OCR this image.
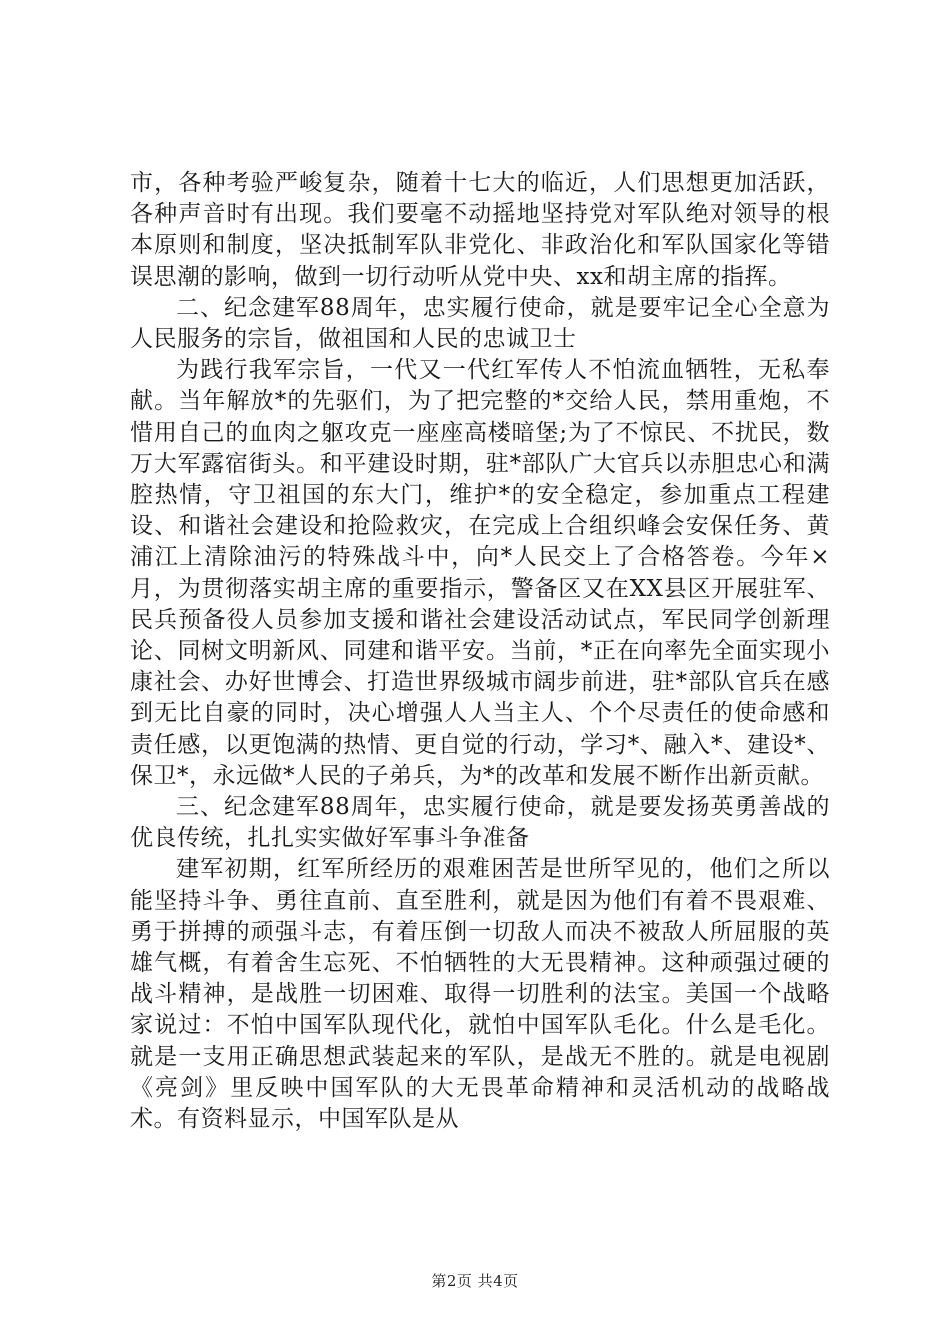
市，各种考验严峻复杂，随着十七大的临近，人们思想更加活跃，各种声音时有出现。我们要毫不动摇地坚持党对军队绝对领导的根本原则和制度，坚决抵制军队非党化、非政治化和军队国家化等错误思潮的影响，做到一切行动听从党中央、xx和胡主席的指挥。

二、纪念建军88周年，忠实履行使命，就是要牢记全心全意为人民服务的宗旨，做祖国和人民的忠诚卫士

为践行我军宗旨，一代又一代红军传人不怕流血牺牲，无私奉献。当年解放*的先驱们，为了把完整的*交给人民，禁用重炮，不惜用自己的血肉之躯攻克一座座高楼暗堡;为了不惊民、不扰民，数万大军露宿街头。和平建设时期，驻*部队广大官兵以赤胆忠心和满腔热情，守卫祖国的东大门，维护*的安全稳定，参加重点工程建设、和谐社会建设和抢险救灾，在完成上合组织峰会安保任务、黄浦江上清除油污的特殊战斗中，向*人民交上了合格答卷。今年×月，为贯彻落实胡主席的重要指示，警备区又在XX县区开展驻军、民兵预备役人员参加支援和谐社会建设活动试点，军民同学创新理论、同树文明新风、同建和谐平安。当前，*正在向率先全面实现小康社会、办好世博会、打造世界级城市阔步前进，驻*部队官兵在感到无比自豪的同时，决心增强人人当主人、个个尽责任的使命感和责任感，以更饱满的热情、更自觉的行动，学习*、融入*、建设*、保卫*，永远做*人民的子弟兵，为*的改革和发展不断作出新贡献。

三、纪念建军88周年，忠实履行使命，就是要发扬英勇善战的优良传统，扎扎实实做好军事斗争准备

建军初期，红军所经历的艰难困苦是世所罕见的，他们之所以能坚持斗争、勇往直前、直至胜利，就是因为他们有着不畏艰难、勇于拼搏的顽强斗志，有着压倒一切敌人而决不被敌人所屈服的英雄气概，有着舍生忘死、不怕牺牲的大无畏精神。这种顽强过硬的战斗精神，是战胜一切困难、取得一切胜利的法宝。美国一个战略家说过：不怕中国军队现代化，就怕中国军队毛化。什么是毛化。就是一支用正确思想武装起来的军队，是战无不胜的。就是电视剧《亮剑》里反映中国军队的大无畏革命精神和灵活机动的战略战术。有资料显示，中国军队是从

第2页 共4页
